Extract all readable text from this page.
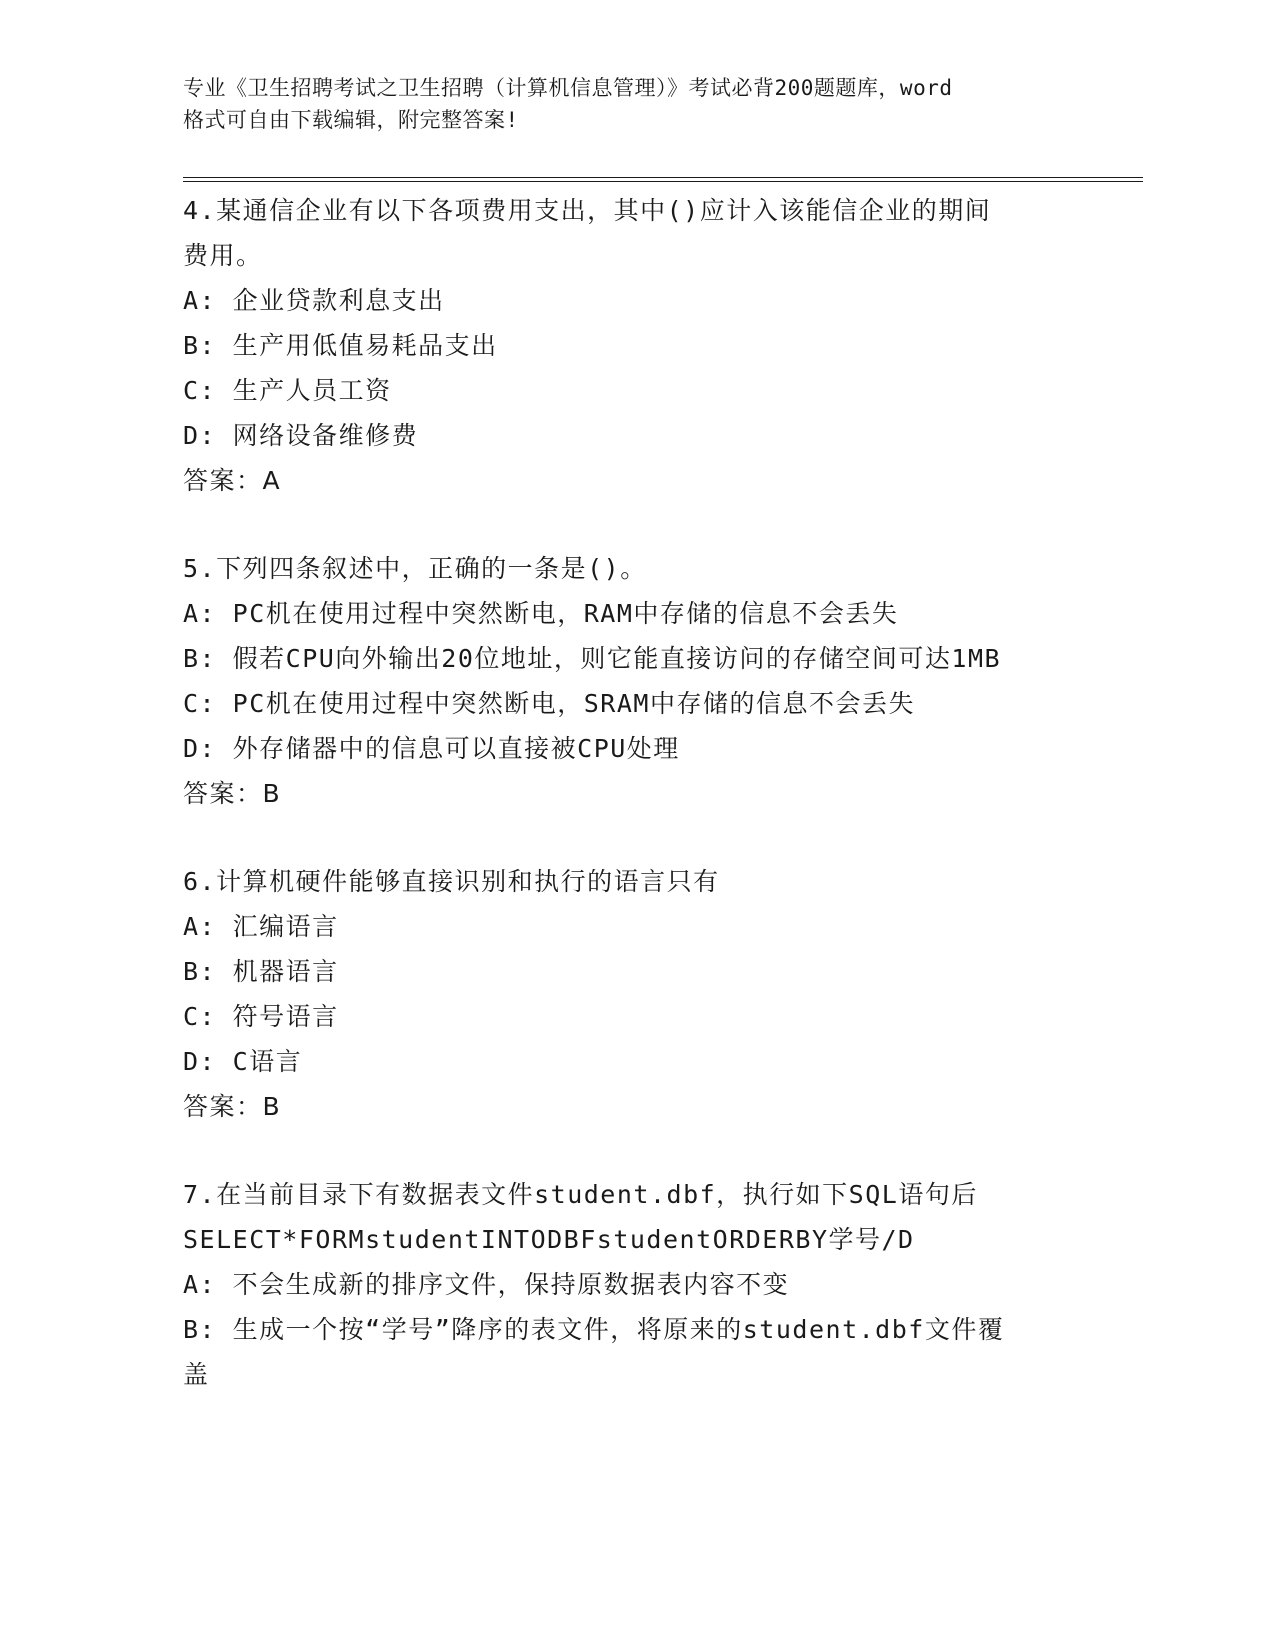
专业《卫生招聘考试之卫生招聘（计算机信息管理）》考试必背200题题库，word
格式可自由下载编辑，附完整答案!

4.某通信企业有以下各项费用支出，其中()应计入该能信企业的期间

费用。

A: 企业贷款利息支出

B: 生产用低值易耗品支出

C: 生产人员工资

D: 网络设备维修费

答案：A

5.下列四条叙述中，正确的一条是()。

A: PC机在使用过程中突然断电，RAM中存储的信息不会丢失

B: 假若CPU向外输出20位地址，则它能直接访问的存储空间可达1MB

C: PC机在使用过程中突然断电，SRAM中存储的信息不会丢失

D: 外存储器中的信息可以直接被CPU处理

答案：B

6.计算机硬件能够直接识别和执行的语言只有

A: 汇编语言

B: 机器语言

C: 符号语言

D: C语言

答案：B

7.在当前目录下有数据表文件student.dbf，执行如下SQL语句后

SELECT*FORMstudentINTODBFstudentORDERBY学号/D

A: 不会生成新的排序文件，保持原数据表内容不变

B: 生成一个按“学号”降序的表文件，将原来的student.dbf文件覆

盖
